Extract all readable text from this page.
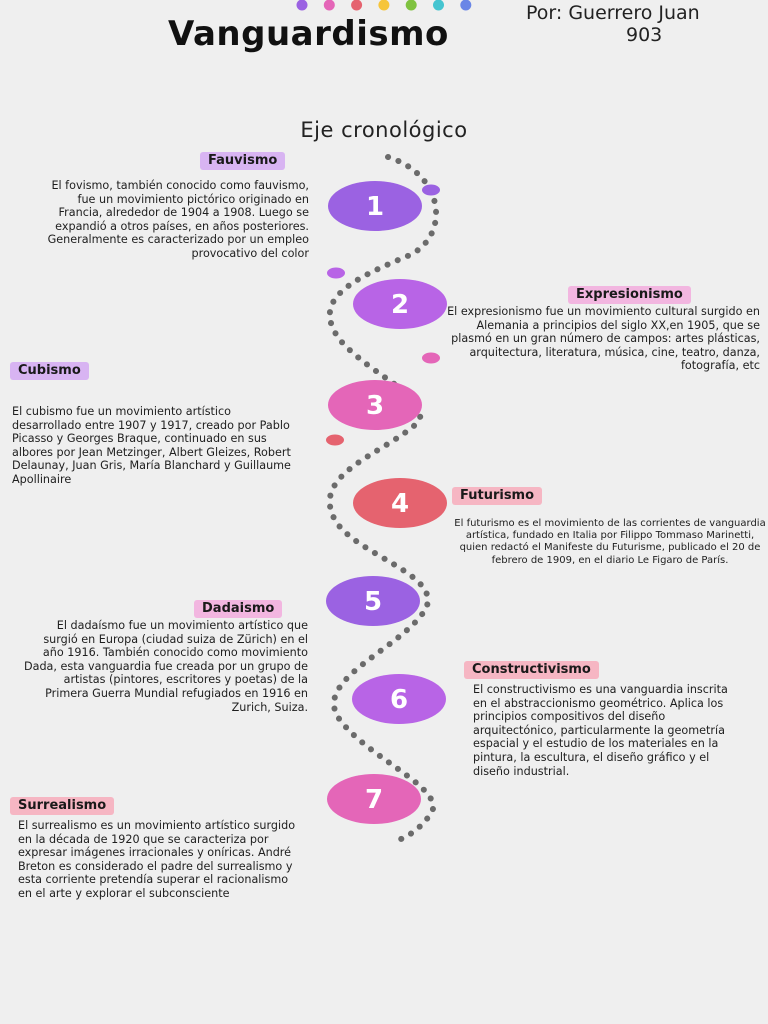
1
2
3
4
5
6
7
Vanguardismo
Por: Guerrero Juan
903
Eje cronológico
Fauvismo
El fovismo, también conocido como fauvismo, fue un movimiento pictórico originado en Francia, alrededor de 1904 a 1908. Luego se expandió a otros países, en años posteriores. Generalmente es caracterizado por un empleo provocativo del color
Expresionismo
El expresionismo fue un movimiento cultural surgido en Alemania a principios del siglo XX,en 1905, que se plasmó en un gran número de campos: artes plásticas, arquitectura, literatura, música, cine, teatro, danza, fotografía, etc
Cubismo
El cubismo fue un movimiento artístico desarrollado entre 1907 y 1917, creado por Pablo Picasso y Georges Braque, continuado en sus albores por Jean Metzinger, Albert Gleizes, Robert Delaunay, Juan Gris, María Blanchard y Guillaume Apollinaire
Futurismo
El futurismo es el movimiento de las corrientes de vanguardia artística, fundado en Italia por Filippo Tommaso Marinetti, quien redactó el Manifeste du Futurisme, publicado el 20 de febrero de 1909, en el diario Le Figaro de París.
Dadaismo
El dadaísmo fue un movimiento artístico que surgió en Europa (ciudad suiza de Zürich) en el año 1916. También conocido como movimiento Dada, esta vanguardia fue creada por un grupo de artistas (pintores, escritores y poetas) de la Primera Guerra Mundial refugiados en 1916 en Zurich, Suiza.
Constructivismo
El constructivismo es una vanguardia inscrita en el abstraccionismo geométrico. Aplica los principios compositivos del diseño arquitectónico, particularmente la geometría espacial y el estudio de los materiales en la pintura, la escultura, el diseño gráfico y el diseño industrial.
Surrealismo
El surrealismo es un movimiento artístico surgido en la década de 1920 que se caracteriza por expresar imágenes irracionales y oníricas. André Breton es considerado el padre del surrealismo y esta corriente pretendía superar el racionalismo en el arte y explorar el subconsciente
